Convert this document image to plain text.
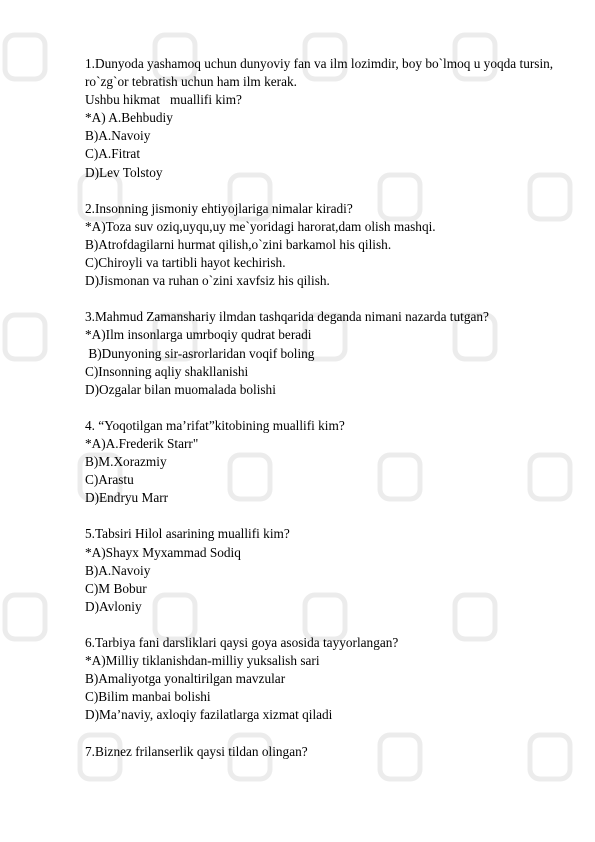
1.Dunyoda yashamoq uchun dunyoviy fan va ilm lozimdir, boy bo`lmoq u yoqda tursin, ro`zg`or tebratish uchun ham ilm kerak.
Ushbu hikmat   muallifi kim?
*A) A.Behbudiy
B)A.Navoiy
C)A.Fitrat
D)Lev Tolstoy
2.Insonning jismoniy ehtiyojlariga nimalar kiradi?
*A)Toza suv oziq,uyqu,uy me`yoridagi harorat,dam olish mashqi.
B)Atrofdagilarni hurmat qilish,o`zini barkamol his qilish.
C)Chiroyli va tartibli hayot kechirish.
D)Jismonan va ruhan o`zini xavfsiz his qilish.
3.Mahmud Zamanshariy ilmdan tashqarida deganda nimani nazarda tutgan?
*A)Ilm insonlarga umrboqiy qudrat beradi
B)Dunyoning sir-asrorlaridan voqif boling
C)Insonning aqliy shakllanishi
D)Ozgalar bilan muomalada bolishi
4. “Yoqotilgan ma’rifat”kitobining muallifi kim?
*A)A.Frederik Starr"
B)M.Xorazmiy
C)Arastu
D)Endryu Marr
5.Tabsiri Hilol asarining muallifi kim?
*A)Shayx Myxammad Sodiq
B)A.Navoiy
C)M Bobur
D)Avloniy
6.Tarbiya fani darsliklari qaysi goya asosida tayyorlangan?
*A)Milliy tiklanishdan-milliy yuksalish sari
B)Amaliyotga yonaltirilgan mavzular
C)Bilim manbai bolishi
D)Ma’naviy, axloqiy fazilatlarga xizmat qiladi
7.Biznez frilanserlik qaysi tildan olingan?
